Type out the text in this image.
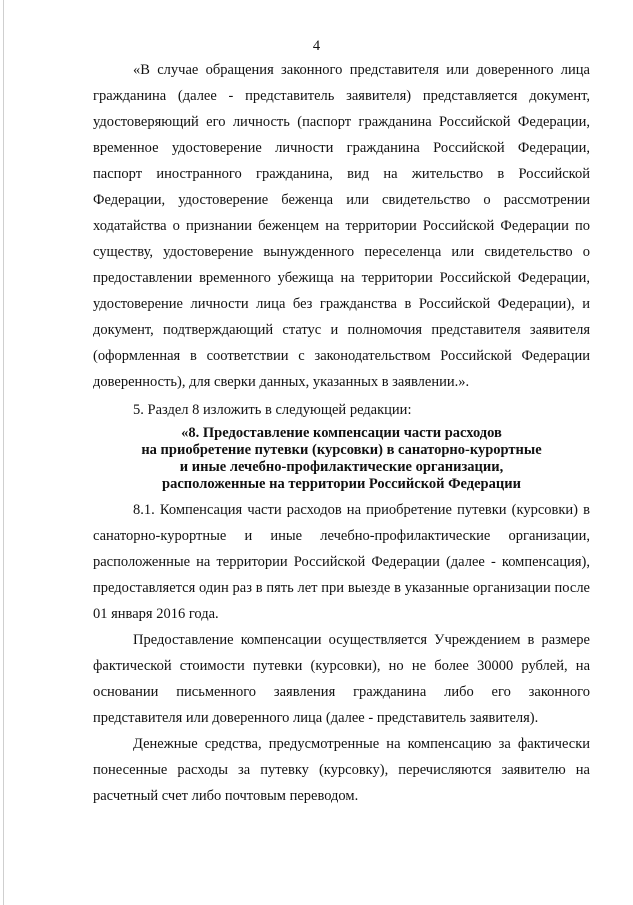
4

«В случае обращения законного представителя или доверенного лица гражданина (далее - представитель заявителя) представляется документ, удостоверяющий его личность (паспорт гражданина Российской Федерации, временное удостоверение личности гражданина Российской Федерации, паспорт иностранного гражданина, вид на жительство в Российской Федерации, удостоверение беженца или свидетельство о рассмотрении ходатайства о признании беженцем на территории Российской Федерации по существу, удостоверение вынужденного переселенца или свидетельство о предоставлении временного убежища на территории Российской Федерации, удостоверение личности лица без гражданства в Российской Федерации), и документ, подтверждающий статус и полномочия представителя заявителя (оформленная в соответствии с законодательством Российской Федерации доверенность), для сверки данных, указанных в заявлении.».

5. Раздел 8 изложить в следующей редакции:

«8. Предоставление компенсации части расходов
на приобретение путевки (курсовки) в санаторно-курортные
и иные лечебно-профилактические организации,
расположенные на территории Российской Федерации

8.1. Компенсация части расходов на приобретение путевки (курсовки) в санаторно-курортные и иные лечебно-профилактические организации, расположенные на территории Российской Федерации (далее - компенсация), предоставляется один раз в пять лет при выезде в указанные организации после 01 января 2016 года.

Предоставление компенсации осуществляется Учреждением в размере фактической стоимости путевки (курсовки), но не более 30000 рублей, на основании письменного заявления гражданина либо его законного представителя или доверенного лица (далее - представитель заявителя).

Денежные средства, предусмотренные на компенсацию за фактически понесенные расходы за путевку (курсовку), перечисляются заявителю на расчетный счет либо почтовым переводом.
